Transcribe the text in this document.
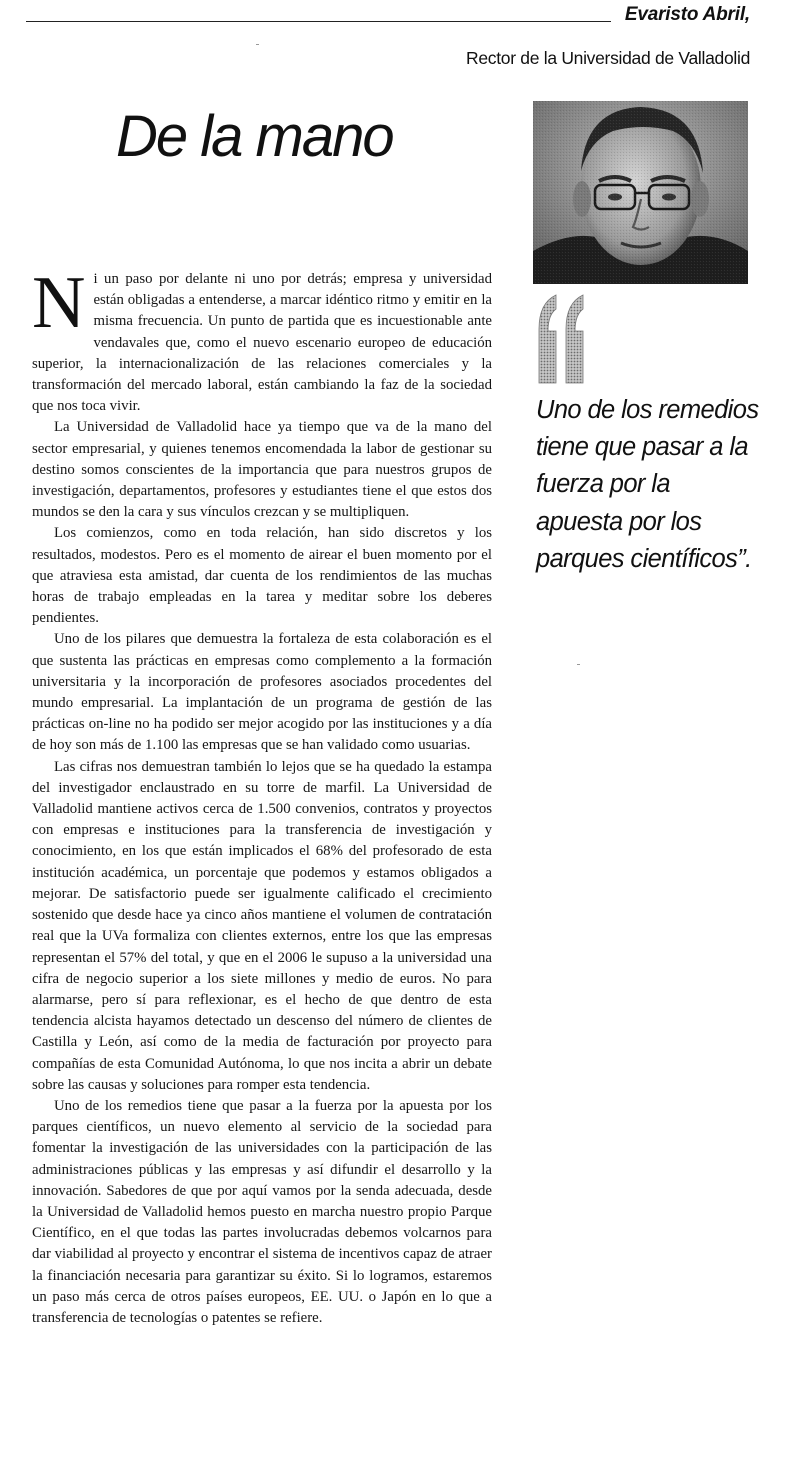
Evaristo Abril,

Rector de la Universidad de Valladolid

De la mano

Uno de los remedios tiene que pasar a la fuerza por la apuesta por los parques científicos”.

Ni un paso por delante ni uno por detrás; empresa y universidad están obligadas a entenderse, a marcar idéntico ritmo y emitir en la misma frecuencia. Un punto de partida que es incuestionable ante vendavales que, como el nuevo escenario europeo de educación superior, la internacionalización de las relaciones comerciales y la transformación del mercado laboral, están cambiando la faz de la sociedad que nos toca vivir.

La Universidad de Valladolid hace ya tiempo que va de la mano del sector empresarial, y quienes tenemos encomendada la labor de gestionar su destino somos conscientes de la importancia que para nuestros grupos de investigación, departamentos, profesores y estudiantes tiene el que estos dos mundos se den la cara y sus vínculos crezcan y se multipliquen.

Los comienzos, como en toda relación, han sido discretos y los resultados, modestos. Pero es el momento de airear el buen momento por el que atraviesa esta amistad, dar cuenta de los rendimientos de las muchas horas de trabajo empleadas en la tarea y meditar sobre los deberes pendientes.

Uno de los pilares que demuestra la fortaleza de esta colaboración es el que sustenta las prácticas en empresas como complemento a la formación universitaria y la incorporación de profesores asociados procedentes del mundo empresarial. La implantación de un programa de gestión de las prácticas on-line no ha podido ser mejor acogido por las instituciones y a día de hoy son más de 1.100 las empresas que se han validado como usuarias.

Las cifras nos demuestran también lo lejos que se ha quedado la estampa del investigador enclaustrado en su torre de marfil. La Universidad de Valladolid mantiene activos cerca de 1.500 convenios, contratos y proyectos con empresas e instituciones para la transferencia de investigación y conocimiento, en los que están implicados el 68% del profesorado de esta institución académica, un porcentaje que podemos y estamos obligados a mejorar. De satisfactorio puede ser igualmente calificado el crecimiento sostenido que desde hace ya cinco años mantiene el volumen de contratación real que la UVa formaliza con clientes externos, entre los que las empresas representan el 57% del total, y que en el 2006 le supuso a la universidad una cifra de negocio superior a los siete millones y medio de euros. No para alarmarse, pero sí para reflexionar, es el hecho de que dentro de esta tendencia alcista hayamos detectado un descenso del número de clientes de Castilla y León, así como de la media de facturación por proyecto para compañías de esta Comunidad Autónoma, lo que nos incita a abrir un debate sobre las causas y soluciones para romper esta tendencia.

Uno de los remedios tiene que pasar a la fuerza por la apuesta por los parques científicos, un nuevo elemento al servicio de la sociedad para fomentar la investigación de las universidades con la participación de las administraciones públicas y las empresas y así difundir el desarrollo y la innovación. Sabedores de que por aquí vamos por la senda adecuada, desde la Universidad de Valladolid hemos puesto en marcha nuestro propio Parque Científico, en el que todas las partes involucradas debemos volcarnos para dar viabilidad al proyecto y encontrar el sistema de incentivos capaz de atraer la financiación necesaria para garantizar su éxito. Si lo logramos, estaremos un paso más cerca de otros países europeos, EE. UU. o Japón en lo que a transferencia de tecnologías o patentes se refiere.
